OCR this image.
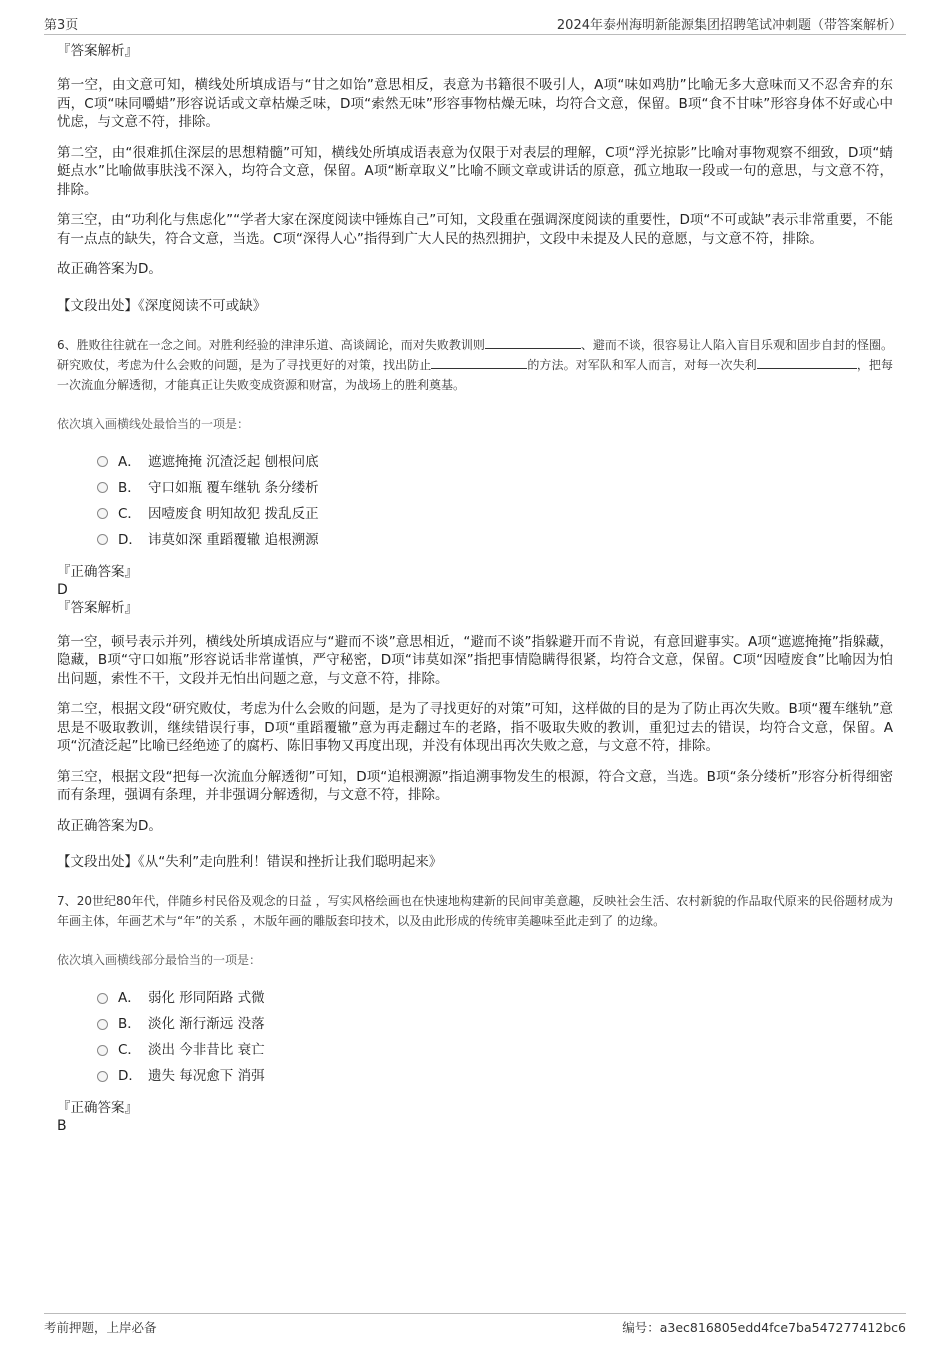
第3页	2024年泰州海明新能源集团招聘笔试冲刺题（带答案解析）

『答案解析』

第一空，由文意可知，横线处所填成语与“甘之如饴”意思相反，表意为书籍很不吸引人，A项“味如鸡肋”比喻无多大意味而又不忍舍弃的东西，C项“味同嚼蜡”形容说话或文章枯燥乏味，D项“索然无味”形容事物枯燥无味，均符合文意，保留。B项“食不甘味”形容身体不好或心中忧虑，与文意不符，排除。

第二空，由“很难抓住深层的思想精髓”可知，横线处所填成语表意为仅限于对表层的理解，C项“浮光掠影”比喻对事物观察不细致，D项“蜻蜓点水”比喻做事肤浅不深入，均符合文意，保留。A项“断章取义”比喻不顾文章或讲话的原意，孤立地取一段或一句的意思，与文意不符，排除。

第三空，由“功利化与焦虑化”“学者大家在深度阅读中锤炼自己”可知，文段重在强调深度阅读的重要性，D项“不可或缺”表示非常重要，不能有一点点的缺失，符合文意，当选。C项“深得人心”指得到广大人民的热烈拥护，文段中未提及人民的意愿，与文意不符，排除。

故正确答案为D。

【文段出处】《深度阅读不可或缺》

6、胜败往往就在一念之间。对胜利经验的津津乐道、高谈阔论，而对失败教训则	、避而不谈，很容易让人陷入盲目乐观和固步自封的怪圈。研究败仗，考虑为什么会败的问题，是为了寻找更好的对策，找出防止	的方法。对军队和军人而言，对每一次失利	，把每一次流血分解透彻，才能真正让失败变成资源和财富，为战场上的胜利奠基。

依次填入画横线处最恰当的一项是：

A． 遮遮掩掩 沉渣泛起 刨根问底
B． 守口如瓶 覆车继轨 条分缕析
C． 因噎废食 明知故犯 拨乱反正
D． 讳莫如深 重蹈覆辙 追根溯源

『正确答案』

D

『答案解析』

第一空，顿号表示并列，横线处所填成语应与“避而不谈”意思相近，“避而不谈”指躲避开而不肯说，有意回避事实。A项“遮遮掩掩”指躲藏，隐藏，B项“守口如瓶”形容说话非常谨慎，严守秘密，D项“讳莫如深”指把事情隐瞒得很紧，均符合文意，保留。C项“因噎废食”比喻因为怕出问题，索性不干，文段并无怕出问题之意，与文意不符，排除。

第二空，根据文段“研究败仗，考虑为什么会败的问题，是为了寻找更好的对策”可知，这样做的目的是为了防止再次失败。B项“覆车继轨”意思是不吸取教训，继续错误行事，D项“重蹈覆辙”意为再走翻过车的老路，指不吸取失败的教训，重犯过去的错误，均符合文意，保留。A项“沉渣泛起”比喻已经绝迹了的腐朽、陈旧事物又再度出现，并没有体现出再次失败之意，与文意不符，排除。

第三空，根据文段“把每一次流血分解透彻”可知，D项“追根溯源”指追溯事物发生的根源，符合文意，当选。B项“条分缕析”形容分析得细密而有条理，强调有条理，并非强调分解透彻，与文意不符，排除。

故正确答案为D。

【文段出处】《从“失利”走向胜利！错误和挫折让我们聪明起来》

7、20世纪80年代，伴随乡村民俗及观念的日益 ，写实风格绘画也在快速地构建新的民间审美意趣，反映社会生活、农村新貌的作品取代原来的民俗题材成为年画主体，年画艺术与“年”的关系 ，木版年画的雕版套印技术，以及由此形成的传统审美趣味至此走到了 的边缘。

依次填入画横线部分最恰当的一项是：

A． 弱化 形同陌路 式微
B． 淡化 渐行渐远 没落
C． 淡出 今非昔比 衰亡
D． 遗失 每况愈下 消弭

『正确答案』

B

考前押题，上岸必备	编号：a3ec816805edd4fce7ba547277412bc6
